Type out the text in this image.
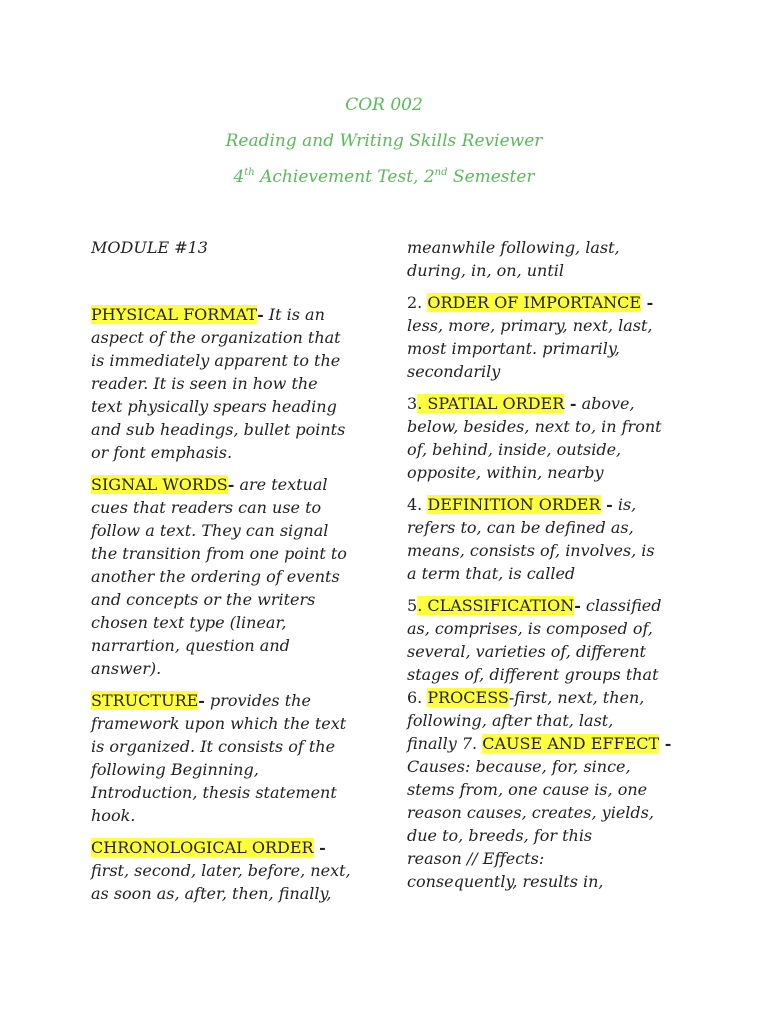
COR 002
Reading and Writing Skills Reviewer
4th Achievement Test, 2nd Semester

MODULE #13

PHYSICAL FORMAT- It is an
aspect of the organization that
is immediately apparent to the
reader. It is seen in how the
text physically spears heading
and sub headings, bullet points
or font emphasis.

SIGNAL WORDS- are textual
cues that readers can use to
follow a text. They can signal
the transition from one point to
another the ordering of events
and concepts or the writers
chosen text type (linear,
narrartion, question and
answer).

STRUCTURE- provides the
framework upon which the text
is organized. It consists of the
following Beginning,
Introduction, thesis statement
hook.

CHRONOLOGICAL ORDER -
first, second, later, before, next,
as soon as, after, then, finally,

meanwhile following, last,
during, in, on, until

2. ORDER OF IMPORTANCE -
less, more, primary, next, last,
most important. primarily,
secondarily

3. SPATIAL ORDER - above,
below, besides, next to, in front
of, behind, inside, outside,
opposite, within, nearby

4. DEFINITION ORDER - is,
refers to, can be defined as,
means, consists of, involves, is
a term that, is called

5. CLASSIFICATION- classified
as, comprises, is composed of,
several, varieties of, different
stages of, different groups that
6. PROCESS-first, next, then,
following, after that, last,
finally 7. CAUSE AND EFFECT -
Causes: because, for, since,
stems from, one cause is, one
reason causes, creates, yields,
due to, breeds, for this
reason // Effects:
consequently, results in,
